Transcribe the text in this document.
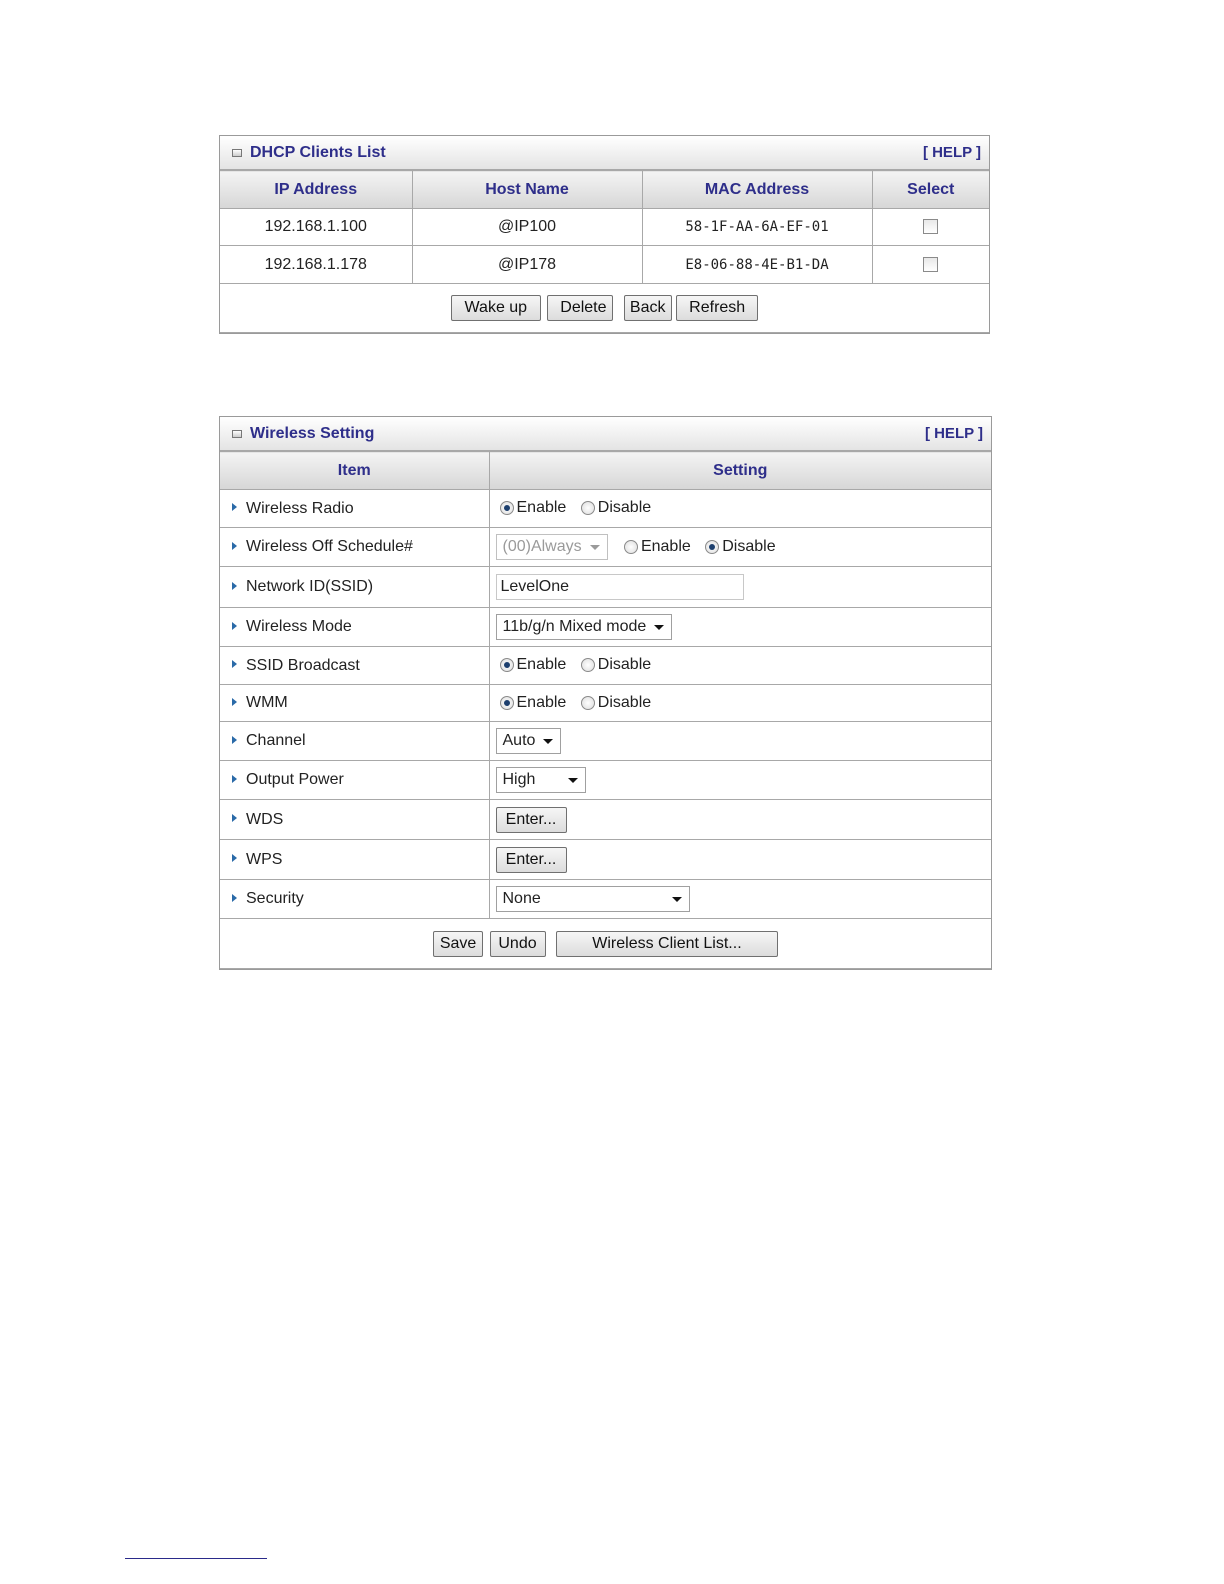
DHCP Clients List	[ HELP ]
IP Address	Host Name	MAC Address	Select
192.168.1.100	@IP100	58-1F-AA-6A-EF-01	
192.168.1.178	@IP178	E8-06-88-4E-B1-DA	
Wake up Delete Back Refresh			
Wireless Setting	[ HELP ]
Item	Setting
Wireless Radio	Enable Disable
Wireless Off Schedule#	(00)Always Enable Disable
Network ID(SSID)	LevelOne
Wireless Mode	11b/g/n Mixed mode

SSID Broadcast	Enable Disable
WMM	Enable Disable
Channel	Auto

Output Power	High

WDS	Enter...
WPS	Enter...
Security	None

Save Undo Wireless Client List...	
